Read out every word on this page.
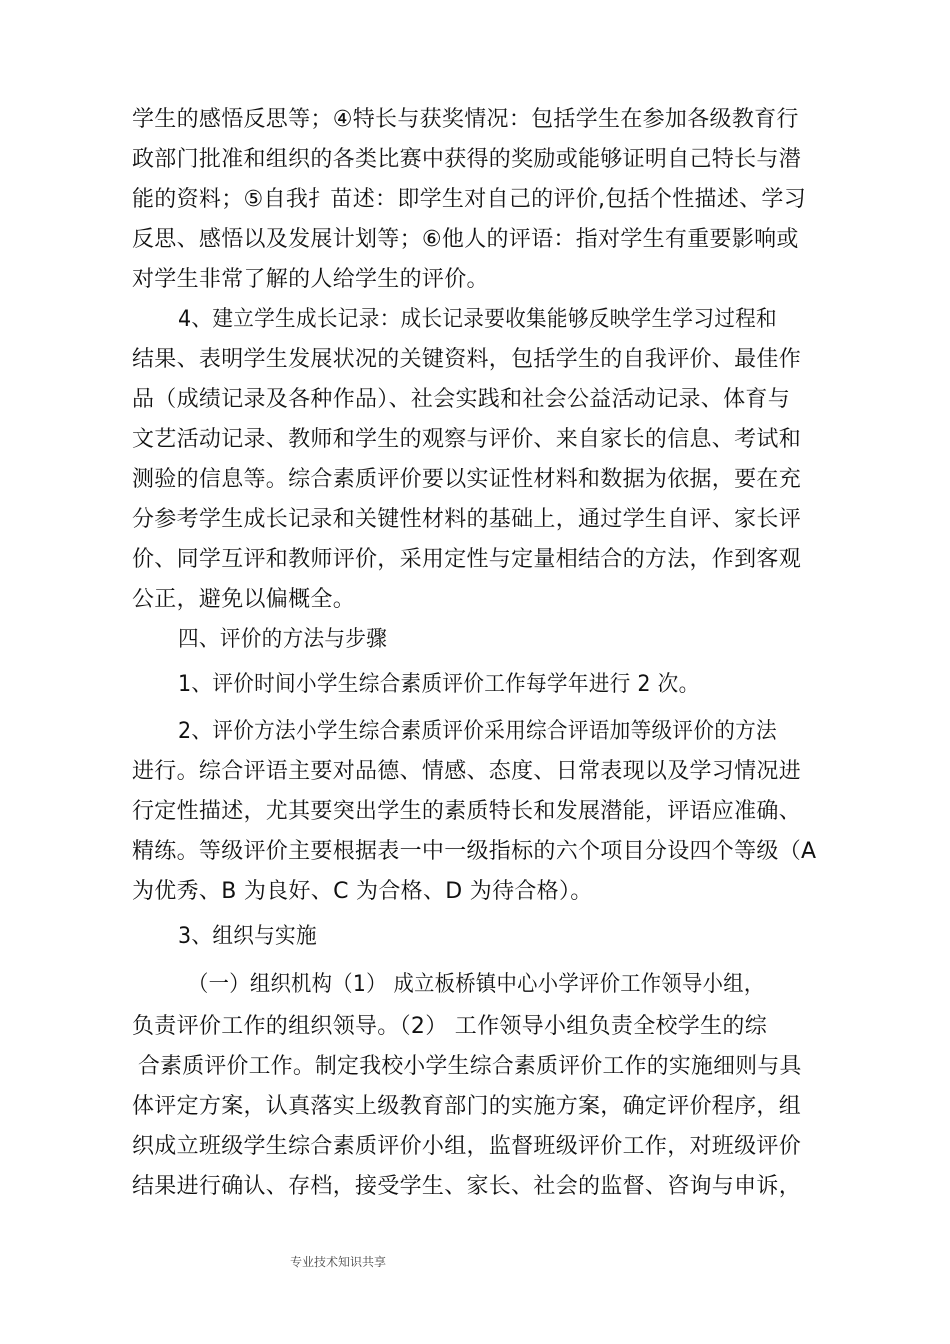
学生的感悟反思等；④特长与获奖情况：包括学生在参加各级教育行
政部门批准和组织的各类比赛中获得的奖励或能够证明自己特长与潜
能的资料；⑤自我扌苗述：即学生对自己的评价,包括个性描述、学习
反思、感悟以及发展计划等；⑥他人的评语：指对学生有重要影响或
对学生非常了解的人给学生的评价。
4、建立学生成长记录：成长记录要收集能够反映学生学习过程和
结果、表明学生发展状况的关键资料，包括学生的自我评价、最佳作
品（成绩记录及各种作品）、社会实践和社会公益活动记录、体育与
文艺活动记录、教师和学生的观察与评价、来自家长的信息、考试和
测验的信息等。综合素质评价要以实证性材料和数据为依据，要在充
分参考学生成长记录和关键性材料的基础上，通过学生自评、家长评
价、同学互评和教师评价，采用定性与定量相结合的方法，作到客观
公正，避免以偏概全。
四、评价的方法与步骤
1、评价时间小学生综合素质评价工作每学年进行 2 次。
2、评价方法小学生综合素质评价采用综合评语加等级评价的方法
进行。综合评语主要对品德、情感、态度、日常表现以及学习情况进
行定性描述，尤其要突出学生的素质特长和发展潜能，评语应准确、
精练。等级评价主要根据表一中一级指标的六个项目分设四个等级（A
为优秀、B 为良好、C 为合格、D 为待合格）。
3、组织与实施
（一）组织机构（1） 成立板桥镇中心小学评价工作领导小组，
负责评价工作的组织领导。（2） 工作领导小组负责全校学生的综
合素质评价工作。制定我校小学生综合素质评价工作的实施细则与具
体评定方案，认真落实上级教育部门的实施方案，确定评价程序，组
织成立班级学生综合素质评价小组，监督班级评价工作，对班级评价
结果进行确认、存档，接受学生、家长、社会的监督、咨询与申诉，
专业技术知识共享
